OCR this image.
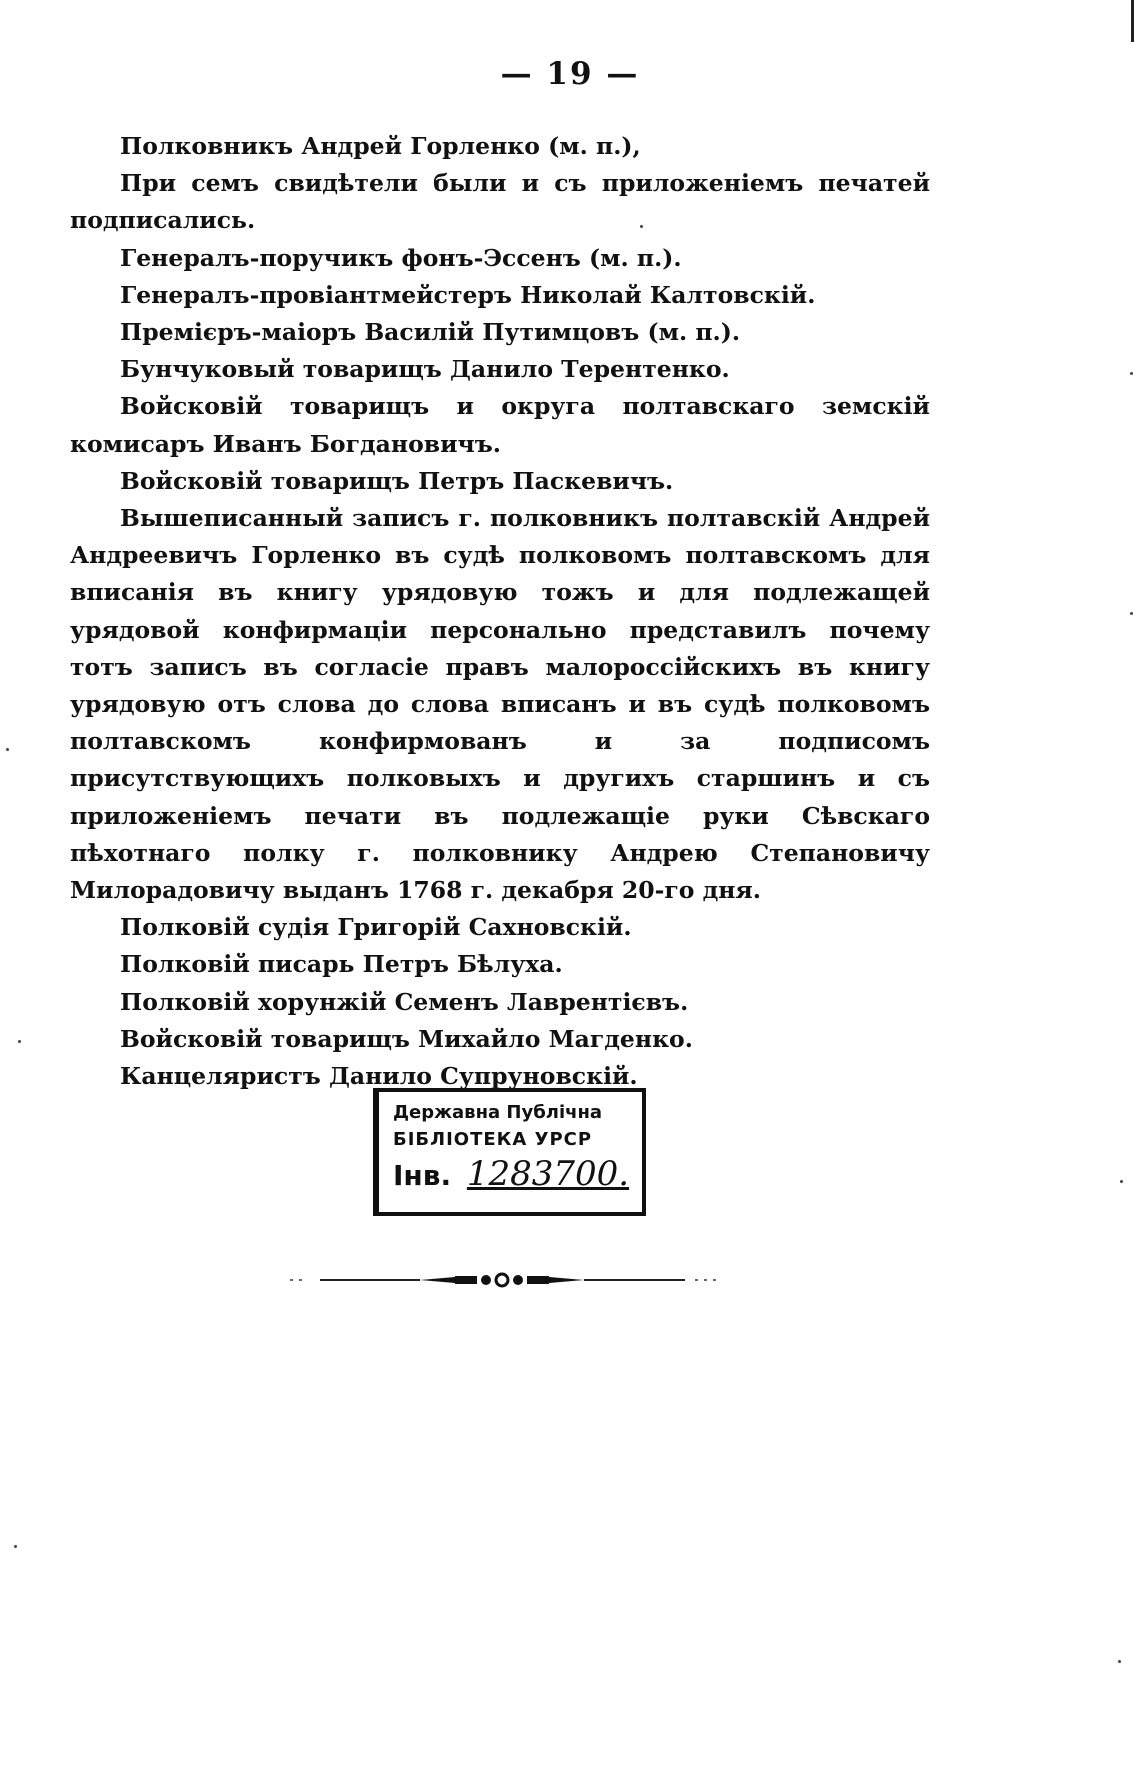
— 19 —

Полковникъ Андрей Горленко (м. п.),

При семъ свидѣтели были и съ приложеніемъ печатей подписались.

Генералъ-поручикъ фонъ-Эссенъ (м. п.).

Генералъ-провіантмейстеръ Николай Калтовскій.

Премієръ-маіоръ Василій Путимцовъ (м. п.).

Бунчуковый товарищъ Данило Терентенко.

Войсковій товарищъ и округа полтавскаго земскій комисаръ Иванъ Богдановичъ.

Войсковій товарищъ Петръ Паскевичъ.

Вышеписанный записъ г. полковникъ полтавскій Андрей Андреевичъ Горленко въ судѣ полковомъ полтавскомъ для вписанія въ книгу урядовую тожъ и для подлежащей урядовой конфирмаціи персонально представилъ почему тотъ записъ въ согласіе правъ малороссійскихъ въ книгу урядовую отъ слова до слова вписанъ и въ судѣ полковомъ полтавскомъ конфирмованъ и за подписомъ присутствующихъ полковыхъ и другихъ старшинъ и съ приложеніемъ печати въ подлежащіе руки Сѣвскаго пѣхотнаго полку г. полковнику Андрею Степановичу Милорадовичу выданъ 1768 г. декабря 20-го дня.

Полковій судія Григорій Сахновскій.

Полковій писарь Петръ Бѣлуха.

Полковій хорунжій Семенъ Лаврентієвъ.

Войсковій товарищъ Михайло Магденко.

Канцеляристъ Данило Супруновскій.

Державна Публічна
БІБЛІОТЕКА УРСР
Інв. 1283700.
